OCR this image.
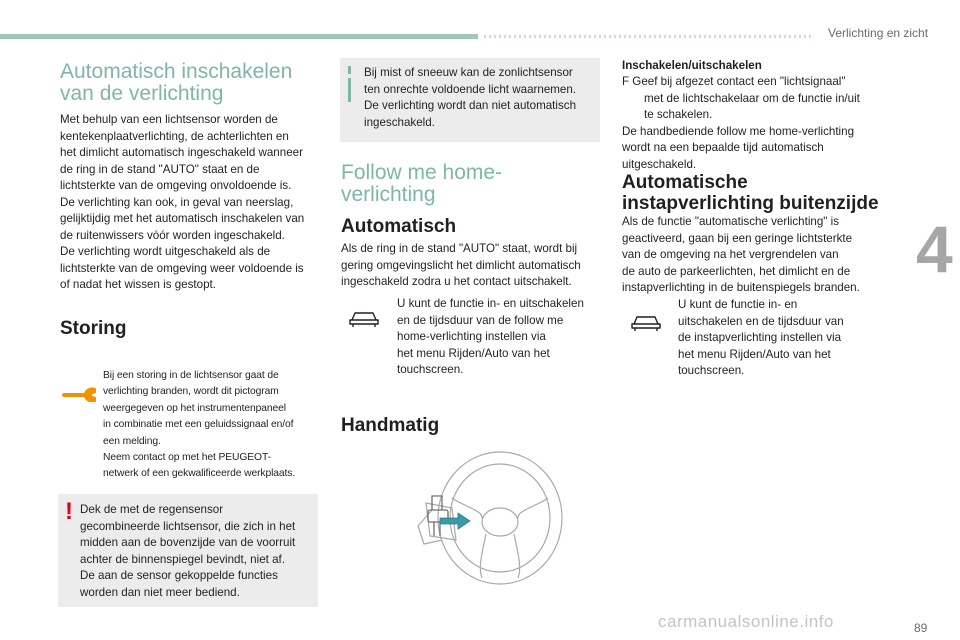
Verlichting en zicht
4
carmanualsonline.info	89
Automatisch inschakelen
van de verlichting

Met behulp van een lichtsensor worden de
kentekenplaatverlichting, de achterlichten en
het dimlicht automatisch ingeschakeld wanneer
de ring in de stand "AUTO" staat en de
lichtsterkte van de omgeving onvoldoende is.
De verlichting kan ook, in geval van neerslag,
gelijktijdig met het automatisch inschakelen van
de ruitenwissers vóór worden ingeschakeld.
De verlichting wordt uitgeschakeld als de
lichtsterkte van de omgeving weer voldoende is
of nadat het wissen is gestopt.

Storing

Bij een storing in de lichtsensor gaat de
verlichting branden, wordt dit pictogram
weergegeven op het instrumentenpaneel
in combinatie met een geluidssignaal en/of
een melding.
Neem contact op met het PEUGEOT-
netwerk of een gekwalificeerde werkplaats.

! Dek de met de regensensor
gecombineerde lichtsensor, die zich in het
midden aan de bovenzijde van de voorruit
achter de binnenspiegel bevindt, niet af.
De aan de sensor gekoppelde functies
worden dan niet meer bediend.

Bij mist of sneeuw kan de zonlichtsensor
ten onrechte voldoende licht waarnemen.
De verlichting wordt dan niet automatisch
ingeschakeld.

Follow me home-
verlichting
Automatisch

Als de ring in de stand "AUTO" staat, wordt bij
gering omgevingslicht het dimlicht automatisch
ingeschakeld zodra u het contact uitschakelt.

U kunt de functie in- en uitschakelen
en de tijdsduur van de follow me
home-verlichting instellen via
het menu Rijden/Auto van het
touchscreen.

Handmatig
Inschakelen/uitschakelen

F Geef bij afgezet contact een "lichtsignaal"
met de lichtschakelaar om de functie in/uit
te schakelen.
De handbediende follow me home-verlichting
wordt na een bepaalde tijd automatisch
uitgeschakeld.

Automatische
instapverlichting buitenzijde

Als de functie "automatische verlichting" is
geactiveerd, gaan bij een geringe lichtsterkte
van de omgeving na het vergrendelen van
de auto de parkeerlichten, het dimlicht en de
instapverlichting in de buitenspiegels branden.

U kunt de functie in- en
uitschakelen en de tijdsduur van
de instapverlichting instellen via
het menu Rijden/Auto van het
touchscreen.
